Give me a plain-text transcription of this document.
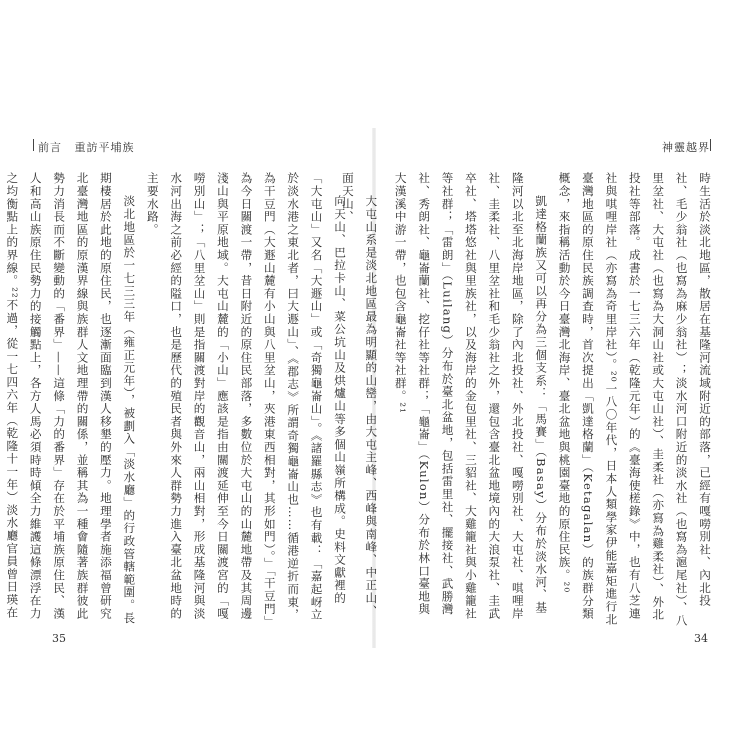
前言 重訪平埔族

向天山、巴拉卡山、菜公坑山及烘爐山等多個山嶺所構成。史料文獻裡的「大屯山」又名「大遯山」或「奇獨龜崙山」。《諸羅縣志》也有載：「嘉起岈立於淡水港之東北者，曰大遯山」、《郡志》所謂奇獨龜崙山也……循港逆折而東，為干豆門（大遯山麓有小山與八里坌山，夾港東西相對，其形如門）。」「干豆門」為今日關渡一帶，昔日附近的原住民部落，多數位於大屯山的山麓地帶及其周邊淺山與平原地域。大屯山麓的「小山」應該是指由關渡延伸至今日關渡宮的「嘎嘮別山」；「八里坌山」則是指關渡對岸的觀音山，兩山相對，形成基隆河與淡水河出海之前必經的隘口，也是歷代的殖民者與外來人群勢力進入臺北盆地時的主要水路。

淡北地區於一七三三年（雍正元年），被劃入「淡水廳」的行政管轄範圍。長期棲居於此地的原住民，也逐漸面臨到漢人移墾的壓力。地理學者施添福曾研究北臺灣地區的原漢界線與族群人文地理帶的關係，並稱其為一種會隨著族群彼此勢力消長而不斷變動的「番界」——這條「力的番界」存在於平埔族原住民、漢人和高山族原住民勢力的接觸點上，各方人馬必須時時傾全力維護這條漂浮在力之均衡點上的界線。²²不過，從一七四六年（乾隆十一年）淡水廳官員曾日瑛在

35
神靈越界

時生活於淡北地區，散居在基隆河流域附近的部落，已經有嘎嘮別社、內北投社、毛少翁社（也寫為麻少翁社）；淡水河口附近的淡水社（也寫為滬尾社）、八里坌社、大屯社（也寫為大洞山社或大屯山社）、圭柔社（亦寫為雞柔社）、外北投社等部落。成書於一七三六年（乾隆元年）的《臺海使槎錄》中，也有八芝連社與唭哩岸社（亦寫為奇里岸社）。²⁰一八〇年代，日本人類學家伊能嘉矩進行北臺灣地區的原住民族調查時，首次提出「凱達格蘭」（Ketagalan）的族群分類概念，來指稱活動於今日臺灣北海岸、臺北盆地與桃園臺地的原住民族。²⁰

凱達格蘭族又可以再分為三個支系：「馬賽」（Basay）分布於淡水河、基隆河以北至北海岸地區，除了內北投社、外北投社、嘎嘮別社、大屯社、唭哩岸社、圭柔社、八里坌社和毛少翁社之外，還包含臺北盆地境內的大浪泵社、圭武卒社、塔塔悠社與里族社，以及海岸的金包里社、三貂社、大雞籠社與小雞籠社等社群；「雷朗」（Luilang）分布於臺北盆地，包括雷里社、擺接社、武勝灣社、秀朗社、龜崙蘭社、挖仔社等社群；「龜崙」（Kulon）分布於林口臺地與大漢溪中游一帶，也包含龜崙社等社群。²¹

大屯山系是淡北地區最為明顯的山巒，由大屯主峰、西峰與南峰、中正山、面天山、

34
